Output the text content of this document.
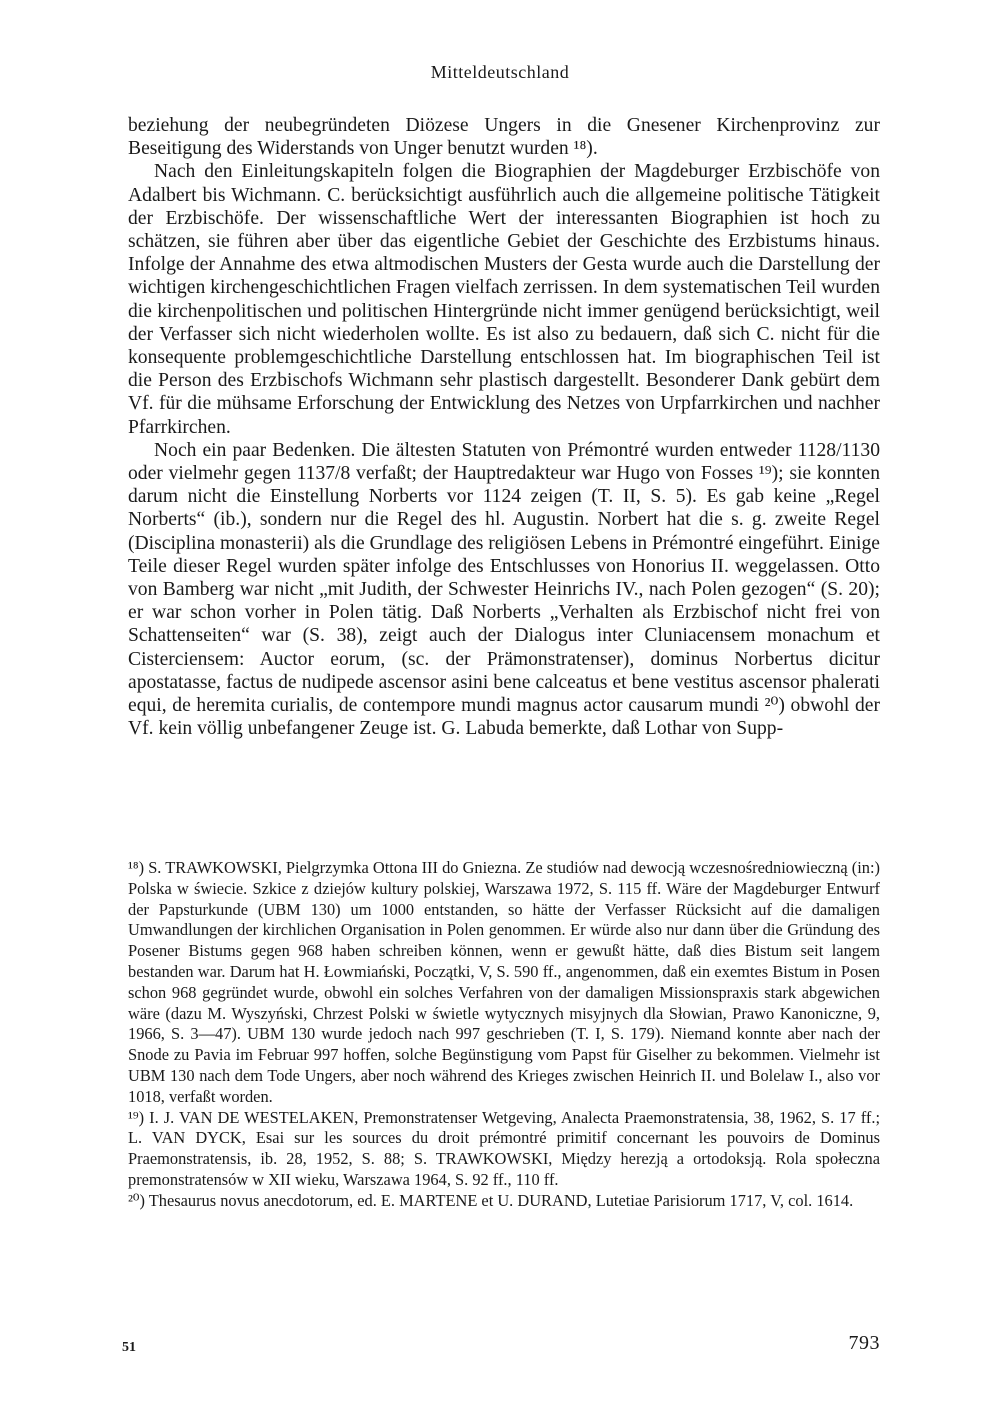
Mitteldeutschland

beziehung der neubegründeten Diözese Ungers in die Gnesener Kirchenprovinz zur Beseitigung des Widerstands von Unger benutzt wurden ¹⁸).

Nach den Einleitungskapiteln folgen die Biographien der Magdeburger Erzbischöfe von Adalbert bis Wichmann. C. berücksichtigt ausführlich auch die allgemeine politische Tätigkeit der Erzbischöfe. Der wissenschaftliche Wert der interessanten Biographien ist hoch zu schätzen, sie führen aber über das eigentliche Gebiet der Geschichte des Erzbistums hinaus. Infolge der Annahme des etwa altmodischen Musters der Gesta wurde auch die Darstellung der wichtigen kirchengeschichtlichen Fragen vielfach zerrissen. In dem systematischen Teil wurden die kirchenpolitischen und politischen Hintergründe nicht immer genügend berücksichtigt, weil der Verfasser sich nicht wiederholen wollte. Es ist also zu bedauern, daß sich C. nicht für die konsequente problemgeschichtliche Darstellung entschlossen hat. Im biographischen Teil ist die Person des Erzbischofs Wichmann sehr plastisch dargestellt. Besonderer Dank gebürt dem Vf. für die mühsame Erforschung der Entwicklung des Netzes von Urpfarrkirchen und nachher Pfarrkirchen.

Noch ein paar Bedenken. Die ältesten Statuten von Prémontré wurden entweder 1128/1130 oder vielmehr gegen 1137/8 verfaßt; der Hauptredakteur war Hugo von Fosses ¹⁹); sie konnten darum nicht die Einstellung Norberts vor 1124 zeigen (T. II, S. 5). Es gab keine „Regel Norberts“ (ib.), sondern nur die Regel des hl. Augustin. Norbert hat die s. g. zweite Regel (Disciplina monasterii) als die Grundlage des religiösen Lebens in Prémontré eingeführt. Einige Teile dieser Regel wurden später infolge des Entschlusses von Honorius II. weggelassen. Otto von Bamberg war nicht „mit Judith, der Schwester Heinrichs IV., nach Polen gezogen“ (S. 20); er war schon vorher in Polen tätig. Daß Norberts „Verhalten als Erzbischof nicht frei von Schattenseiten“ war (S. 38), zeigt auch der Dialogus inter Cluniacensem monachum et Cisterciensem: Auctor eorum, (sc. der Prämonstratenser), dominus Norbertus dicitur apostatasse, factus de nudipede ascensor asini bene calceatus et bene vestitus ascensor phalerati equi, de heremita curialis, de contempore mundi magnus actor causarum mundi ²⁰) obwohl der Vf. kein völlig unbefangener Zeuge ist. G. Labuda bemerkte, daß Lothar von Supp-

¹⁸) S. TRAWKOWSKI, Pielgrzymka Ottona III do Gniezna. Ze studiów nad dewocją wczesnośredniowieczną (in:) Polska w świecie. Szkice z dziejów kultury polskiej, Warszawa 1972, S. 115 ff. Wäre der Magdeburger Entwurf der Papsturkunde (UBM 130) um 1000 entstanden, so hätte der Verfasser Rücksicht auf die damaligen Umwandlungen der kirchlichen Organisation in Polen genommen. Er würde also nur dann über die Gründung des Posener Bistums gegen 968 haben schreiben können, wenn er gewußt hätte, daß dies Bistum seit langem bestanden war. Darum hat H. Łowmiański, Początki, V, S. 590 ff., angenommen, daß ein exemtes Bistum in Posen schon 968 gegründet wurde, obwohl ein solches Verfahren von der damaligen Missionspraxis stark abgewichen wäre (dazu M. Wyszyński, Chrzest Polski w świetle wytycznych misyjnych dla Słowian, Prawo Kanoniczne, 9, 1966, S. 3—47). UBM 130 wurde jedoch nach 997 geschrieben (T. I, S. 179). Niemand konnte aber nach der Snode zu Pavia im Februar 997 hoffen, solche Begünstigung vom Papst für Giselher zu bekommen. Vielmehr ist UBM 130 nach dem Tode Ungers, aber noch während des Krieges zwischen Heinrich II. und Bolelaw I., also vor 1018, verfaßt worden.

¹⁹) I. J. VAN DE WESTELAKEN, Premonstratenser Wetgeving, Analecta Praemonstratensia, 38, 1962, S. 17 ff.; L. VAN DYCK, Esai sur les sources du droit prémontré primitif concernant les pouvoirs de Dominus Praemonstratensis, ib. 28, 1952, S. 88; S. TRAWKOWSKI, Między herezją a ortodoksją. Rola społeczna premonstratensów w XII wieku, Warszawa 1964, S. 92 ff., 110 ff.

²⁰) Thesaurus novus anecdotorum, ed. E. MARTENE et U. DURAND, Lutetiae Parisiorum 1717, V, col. 1614.

51	793
